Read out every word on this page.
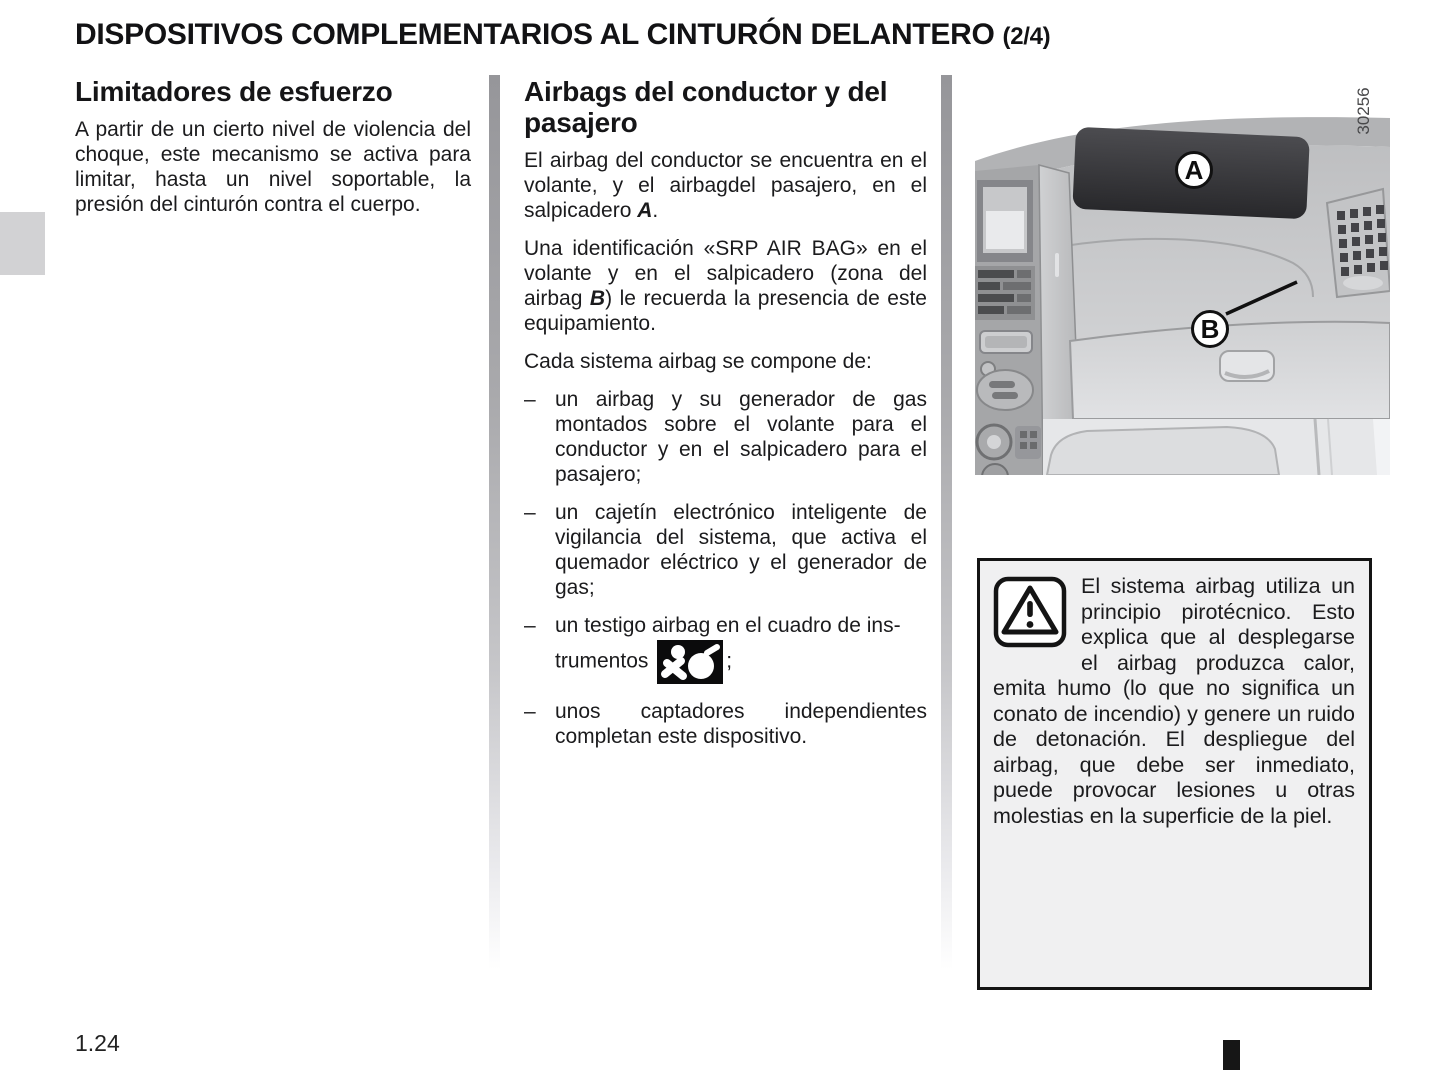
DISPOSITIVOS COMPLEMENTARIOS AL CINTURÓN DELANTERO (2/4)
Limitadores de esfuerzo

A partir de un cierto nivel de violencia del choque, este mecanismo se activa para limitar, hasta un nivel soportable, la presión del cinturón contra el cuerpo.

Airbags del conductor y del pasajero

El airbag del conductor se encuentra en el volante, y el airbagdel pasajero, en el salpicadero A.

Una identificación «SRP AIR BAG» en el volante y en el salpicadero (zona del airbag B) le recuerda la presencia de este equipamiento.

Cada sistema airbag se compone de:

– un airbag y su generador de gas montados sobre el volante para el conductor y en el salpicadero para el pasajero;
– un cajetín electrónico inteligente de vigilancia del sistema, que activa el quemador eléctrico y el generador de gas;
– un testigo airbag en el cuadro de ins-
trumentos	;
– unos captadores independientes completan este dispositivo.
A
B
30256

El sistema airbag utiliza un principio pirotécnico. Esto explica que al desplegarse el airbag produzca calor, emita humo (lo que no significa un conato de incendio) y genere un ruido de detonación. El despliegue del airbag, que debe ser inmediato, puede provocar lesiones u otras molestias en la superficie de la piel.

1.24
